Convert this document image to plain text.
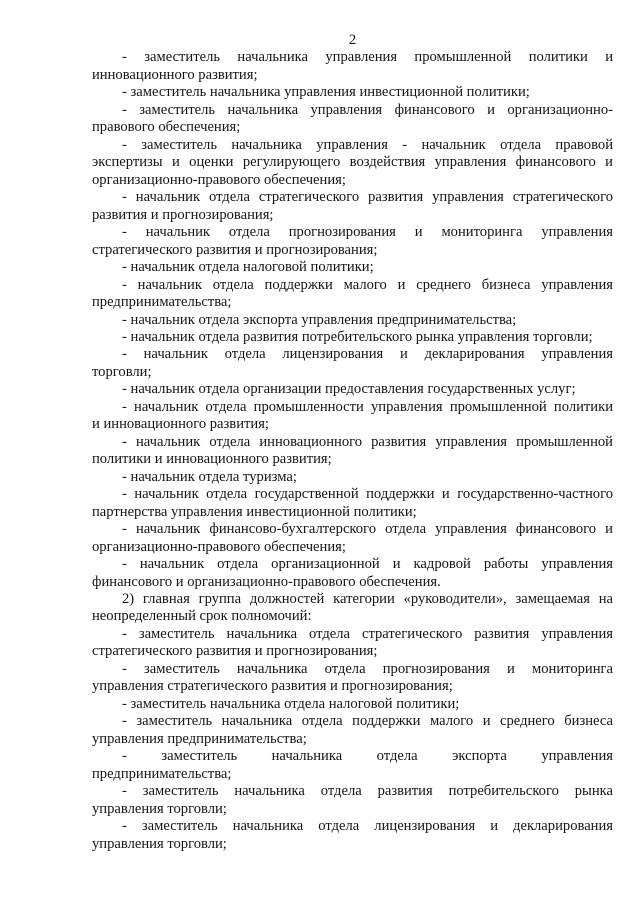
2
- заместитель начальника управления промышленной политики и
инновационного развития;
- заместитель начальника управления инвестиционной политики;
- заместитель начальника управления финансового и организационно-
правового обеспечения;
- заместитель начальника управления - начальник отдела правовой
экспертизы и оценки регулирующего воздействия управления финансового и
организационно-правового обеспечения;
- начальник отдела стратегического развития управления стратегического
развития и прогнозирования;
- начальник отдела прогнозирования и мониторинга управления
стратегического развития и прогнозирования;
- начальник отдела налоговой политики;
- начальник отдела поддержки малого и среднего бизнеса управления
предпринимательства;
- начальник отдела экспорта управления предпринимательства;
- начальник отдела развития потребительского рынка управления торговли;
- начальник отдела лицензирования и декларирования управления
торговли;
- начальник отдела организации предоставления государственных услуг;
- начальник отдела промышленности управления промышленной политики
и инновационного развития;
- начальник отдела инновационного развития управления промышленной
политики и инновационного развития;
- начальник отдела туризма;
- начальник отдела государственной поддержки и государственно-частного
партнерства управления инвестиционной политики;
- начальник финансово-бухгалтерского отдела управления финансового и
организационно-правового обеспечения;
- начальник отдела организационной и кадровой работы управления
финансового и организационно-правового обеспечения.
2) главная группа должностей категории «руководители», замещаемая на
неопределенный срок полномочий:
- заместитель начальника отдела стратегического развития управления
стратегического развития и прогнозирования;
- заместитель начальника отдела прогнозирования и мониторинга
управления стратегического развития и прогнозирования;
- заместитель начальника отдела налоговой политики;
- заместитель начальника отдела поддержки малого и среднего бизнеса
управления предпринимательства;
- заместитель начальника отдела экспорта управления
предпринимательства;
- заместитель начальника отдела развития потребительского рынка
управления торговли;
- заместитель начальника отдела лицензирования и декларирования
управления торговли;
